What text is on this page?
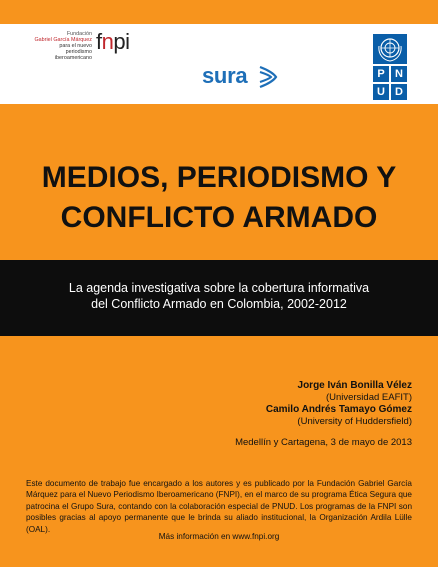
Fundación
Gabriel García Márquez
para el nuevo
periodismo iberoamericano
fnpi
sura	P N
U D
MEDIOS, PERIODISMO Y
CONFLICTO ARMADO
La agenda investigativa sobre la cobertura informativa
del Conflicto Armado en Colombia, 2002-2012
Jorge Iván Bonilla Vélez
(Universidad EAFIT)
Camilo Andrés Tamayo Gómez
(University of Huddersfield)
Medellín y Cartagena, 3 de mayo de 2013
Este documento de trabajo fue encargado a los autores y es publicado por la Fundación Gabriel García Márquez para el Nuevo Periodismo Iberoamericano (FNPI), en el marco de su programa Ética Segura que patrocina el Grupo Sura, contando con la colaboración especial de PNUD. Los programas de la FNPI son posibles gracias al apoyo permanente que le brinda su aliado institucional, la Organización Ardila Lülle (OAL).
Más información en www.fnpi.org
